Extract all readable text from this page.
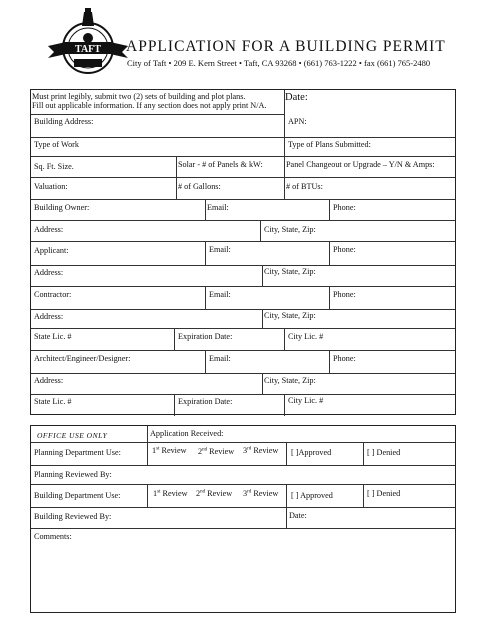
TAFT APPLICATION FOR A BUILDING PERMIT
City of Taft • 209 E. Kern Street • Taft, CA 93268 • (661) 763-1222 • fax (661) 765-2480
Must print legibly, submit two (2) sets of building and plot plans.
Fill out applicable information. If any section does not apply print N/A.
Date:
Building Address:	APN:
Type of Work	Type of Plans Submitted:
Sq. Ft. Size.	Solar - # of Panels & kW:	Panel Changeout or Upgrade – Y/N & Amps:
Valuation:	# of Gallons:	# of BTUs:
Building Owner:	Email:	Phone:
Address:	City, State, Zip:
Applicant:	Email:	Phone:
Address:	City, State, Zip:
Contractor:	Email:	Phone:
Address:	City, State, Zip:
State Lic. #	Expiration Date:	City Lic. #
Architect/Engineer/Designer:	Email:	Phone:
Address:	City, State, Zip:
State Lic. #	Expiration Date:	City Lic. #
OFFICE USE ONLY	Application Received:
Planning Department Use:	1st Review 2nd Review 3rd Review [ ]Approved	[ ] Denied
Planning Reviewed By:
Building Department Use:	1st Review 2nd Review 3rd Review [ ] Approved	[ ] Denied
Building Reviewed By:	Date:
Comments:
